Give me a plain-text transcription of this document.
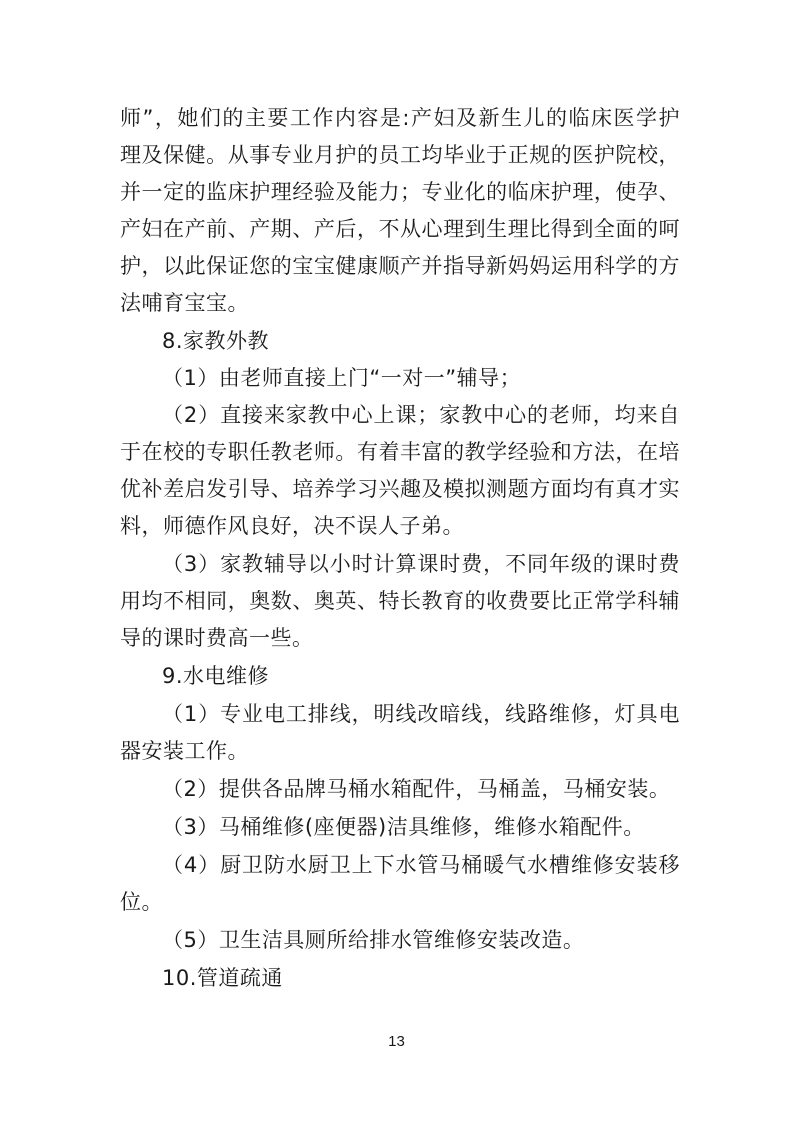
师”，她们的主要工作内容是:产妇及新生儿的临床医学护
理及保健。从事专业月护的员工均毕业于正规的医护院校，
并一定的监床护理经验及能力；专业化的临床护理，使孕、
产妇在产前、产期、产后，不从心理到生理比得到全面的呵
护，以此保证您的宝宝健康顺产并指导新妈妈运用科学的方
法哺育宝宝。
8.家教外教
（1）由老师直接上门“一对一”辅导；
（2）直接来家教中心上课；家教中心的老师，均来自
于在校的专职任教老师。有着丰富的教学经验和方法，在培
优补差启发引导、培养学习兴趣及模拟测题方面均有真才实
料，师德作风良好，决不误人子弟。
（3）家教辅导以小时计算课时费，不同年级的课时费
用均不相同，奥数、奥英、特长教育的收费要比正常学科辅
导的课时费高一些。
9.水电维修
（1）专业电工排线，明线改暗线，线路维修，灯具电
器安装工作。
（2）提供各品牌马桶水箱配件，马桶盖，马桶安装。
（3）马桶维修(座便器)洁具维修，维修水箱配件。
（4）厨卫防水厨卫上下水管马桶暖气水槽维修安装移
位。
（5）卫生洁具厕所给排水管维修安装改造。
10.管道疏通
13
